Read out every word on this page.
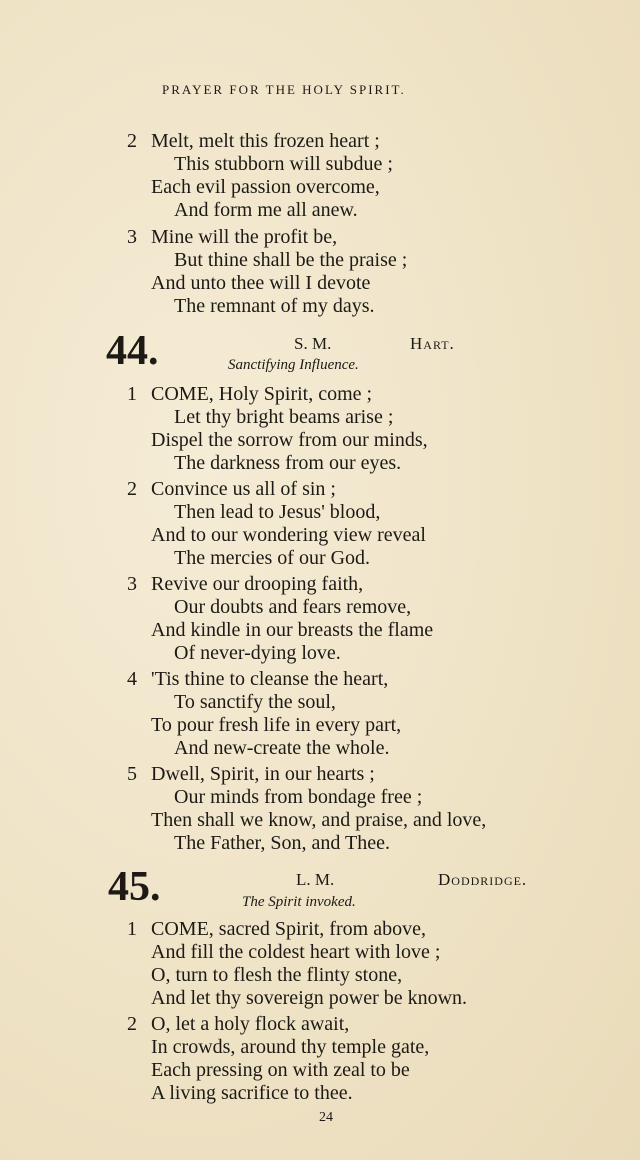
PRAYER FOR THE HOLY SPIRIT.
2 Melt, melt this frozen heart ;
This stubborn will subdue ;
Each evil passion overcome,
And form me all anew.
3 Mine will the profit be,
But thine shall be the praise ;
And unto thee will I devote
The remnant of my days.
44.	S. M.	Hart.
Sanctifying Influence.
1 COME, Holy Spirit, come ;
Let thy bright beams arise ;
Dispel the sorrow from our minds,
The darkness from our eyes.
2 Convince us all of sin ;
Then lead to Jesus' blood,
And to our wondering view reveal
The mercies of our God.
3 Revive our drooping faith,
Our doubts and fears remove,
And kindle in our breasts the flame
Of never-dying love.
4 'Tis thine to cleanse the heart,
To sanctify the soul,
To pour fresh life in every part,
And new-create the whole.
5 Dwell, Spirit, in our hearts ;
Our minds from bondage free ;
Then shall we know, and praise, and love,
The Father, Son, and Thee.
45.	L. M.	Doddridge.
The Spirit invoked.
1 COME, sacred Spirit, from above,
And fill the coldest heart with love ;
O, turn to flesh the flinty stone,
And let thy sovereign power be known.
2 O, let a holy flock await,
In crowds, around thy temple gate,
Each pressing on with zeal to be
A living sacrifice to thee.
24
